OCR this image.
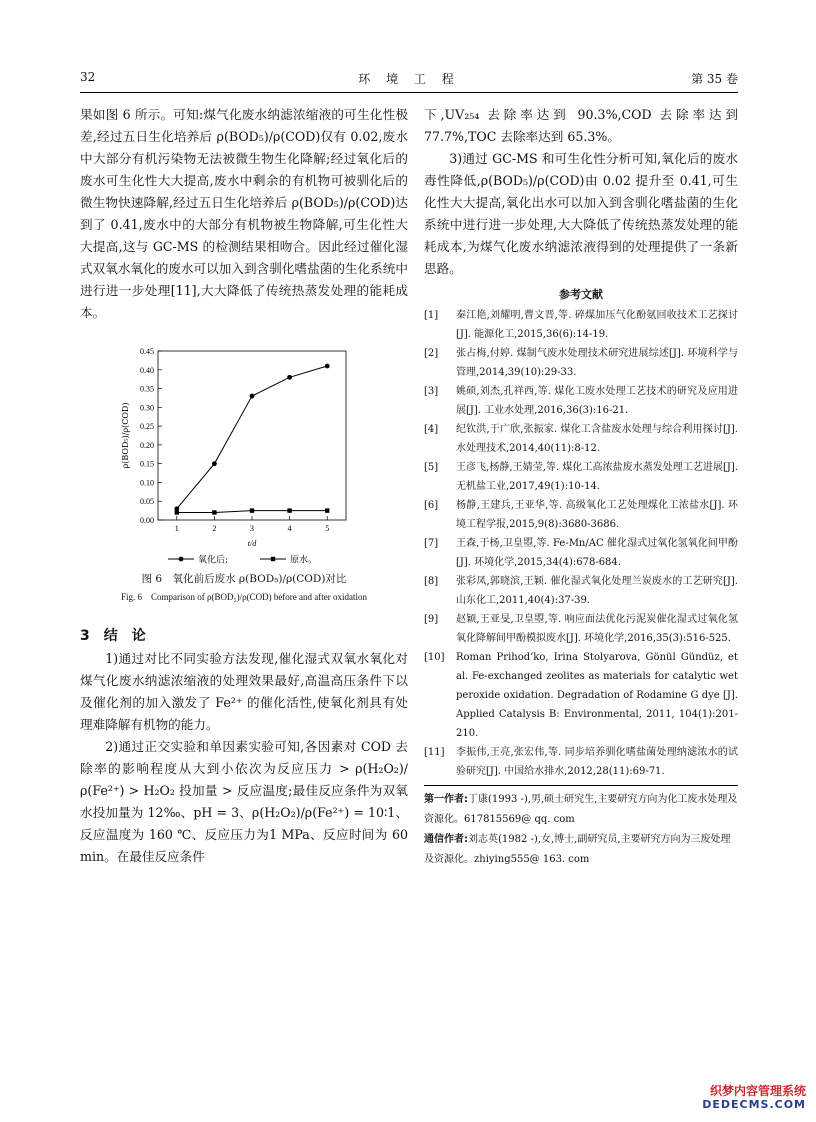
32	环 境 工 程	第 35 卷

果如图 6 所示。可知:煤气化废水纳滤浓缩液的可生化性极差,经过五日生化培养后 ρ(BOD₅)/ρ(COD)仅有 0.02,废水中大部分有机污染物无法被微生物生化降解;经过氧化后的废水可生化性大大提高,废水中剩余的有机物可被驯化后的微生物快速降解,经过五日生化培养后 ρ(BOD₅)/ρ(COD)达到了 0.41,废水中的大部分有机物被生物降解,可生化性大大提高,这与 GC-MS 的检测结果相吻合。因此经过催化湿式双氧水氧化的废水可以加入到含驯化嗜盐菌的生化系统中进行进一步处理[11],大大降低了传统热蒸发处理的能耗成本。

0.00
0.05
0.10
0.15
0.20
0.25
0.30
0.35
0.40
0.45
1	2	3	4	5
t/d
ρ(BOD₅)/ρ(COD)
氧化后;	原水。
图 6　氧化前后废水 ρ(BOD₅)/ρ(COD)对比
Fig. 6　Comparison of ρ(BOD₅)/ρ(COD) before and after oxidation
3　结　论

1)通过对比不同实验方法发现,催化湿式双氧水氧化对煤气化废水纳滤浓缩液的处理效果最好,高温高压条件下以及催化剂的加入激发了 Fe²⁺ 的催化活性,使氧化剂具有处理难降解有机物的能力。

2)通过正交实验和单因素实验可知,各因素对 COD 去除率的影响程度从大到小依次为反应压力 > ρ(H₂O₂)/ρ(Fe²⁺) > H₂O₂ 投加量 > 反应温度;最佳反应条件为双氧水投加量为 12‰、pH = 3、ρ(H₂O₂)/ρ(Fe²⁺) = 10∶1、反应温度为 160 ℃、反应压力为1 MPa、反应时间为 60 min。在最佳反应条件

下,UV₂₅₄ 去除率达到 90.3%,COD 去除率达到 77.7%,TOC 去除率达到 65.3%。

3)通过 GC-MS 和可生化性分析可知,氧化后的废水毒性降低,ρ(BOD₅)/ρ(COD)由 0.02 提升至 0.41,可生化性大大提高,氧化出水可以加入到含驯化嗜盐菌的生化系统中进行进一步处理,大大降低了传统热蒸发处理的能耗成本,为煤气化废水纳滤浓液得到的处理提供了一条新思路。

参考文献
[1] 秦江艳,刘耀明,曹文晋,等. 碎煤加压气化酚氨回收技术工艺探讨[J]. 能源化工,2015,36(6):14-19.
[2] 张占梅,付婷. 煤制气废水处理技术研究进展综述[J]. 环境科学与管理,2014,39(10):29-33.
[3] 姚硕,刘杰,孔祥西,等. 煤化工废水处理工艺技术的研究及应用进展[J]. 工业水处理,2016,36(3):16-21.
[4] 纪钦洪,于广欣,张振家. 煤化工含盐废水处理与综合利用探讨[J]. 水处理技术,2014,40(11):8-12.
[5] 王彦飞,杨静,王婧莹,等. 煤化工高浓盐废水蒸发处理工艺进展[J]. 无机盐工业,2017,49(1):10-14.
[6] 杨静,王建兵,王亚华,等. 高级氧化工艺处理煤化工浓盐水[J]. 环境工程学报,2015,9(8):3680-3686.
[7] 王森,于杨,卫皇曌,等. Fe-Mn/AC 催化湿式过氧化氢氧化间甲酚[J]. 环境化学,2015,34(4):678-684.
[8] 张彩凤,郭晓滨,王颖. 催化湿式氧化处理兰炭废水的工艺研究[J]. 山东化工,2011,40(4):37-39.
[9] 赵颖,王亚旻,卫皇曌,等. 响应面法优化污泥炭催化湿式过氧化氢氧化降解间甲酚模拟废水[J]. 环境化学,2016,35(3):516-525.
[10] Roman Prihod’ko, Irina Stolyarova, Gönül Gündüz, et al. Fe-exchanged zeolites as materials for catalytic wet peroxide oxidation. Degradation of Rodamine G dye [J]. Applied Catalysis B: Environmental, 2011, 104(1):201-210.
[11] 李振伟,王亮,张宏伟,等. 同步培养驯化嗜盐菌处理纳滤浓水的试验研究[J]. 中国给水排水,2012,28(11):69-71.
第一作者:丁康(1993 -),男,硕士研究生,主要研究方向为化工废水处理及资源化。617815569@ qq. com
通信作者:刘志英(1982 -),女,博士,副研究员,主要研究方向为三废处理及资源化。zhiying555@ 163. com
织梦内容管理系统
DEDECMS.COM
